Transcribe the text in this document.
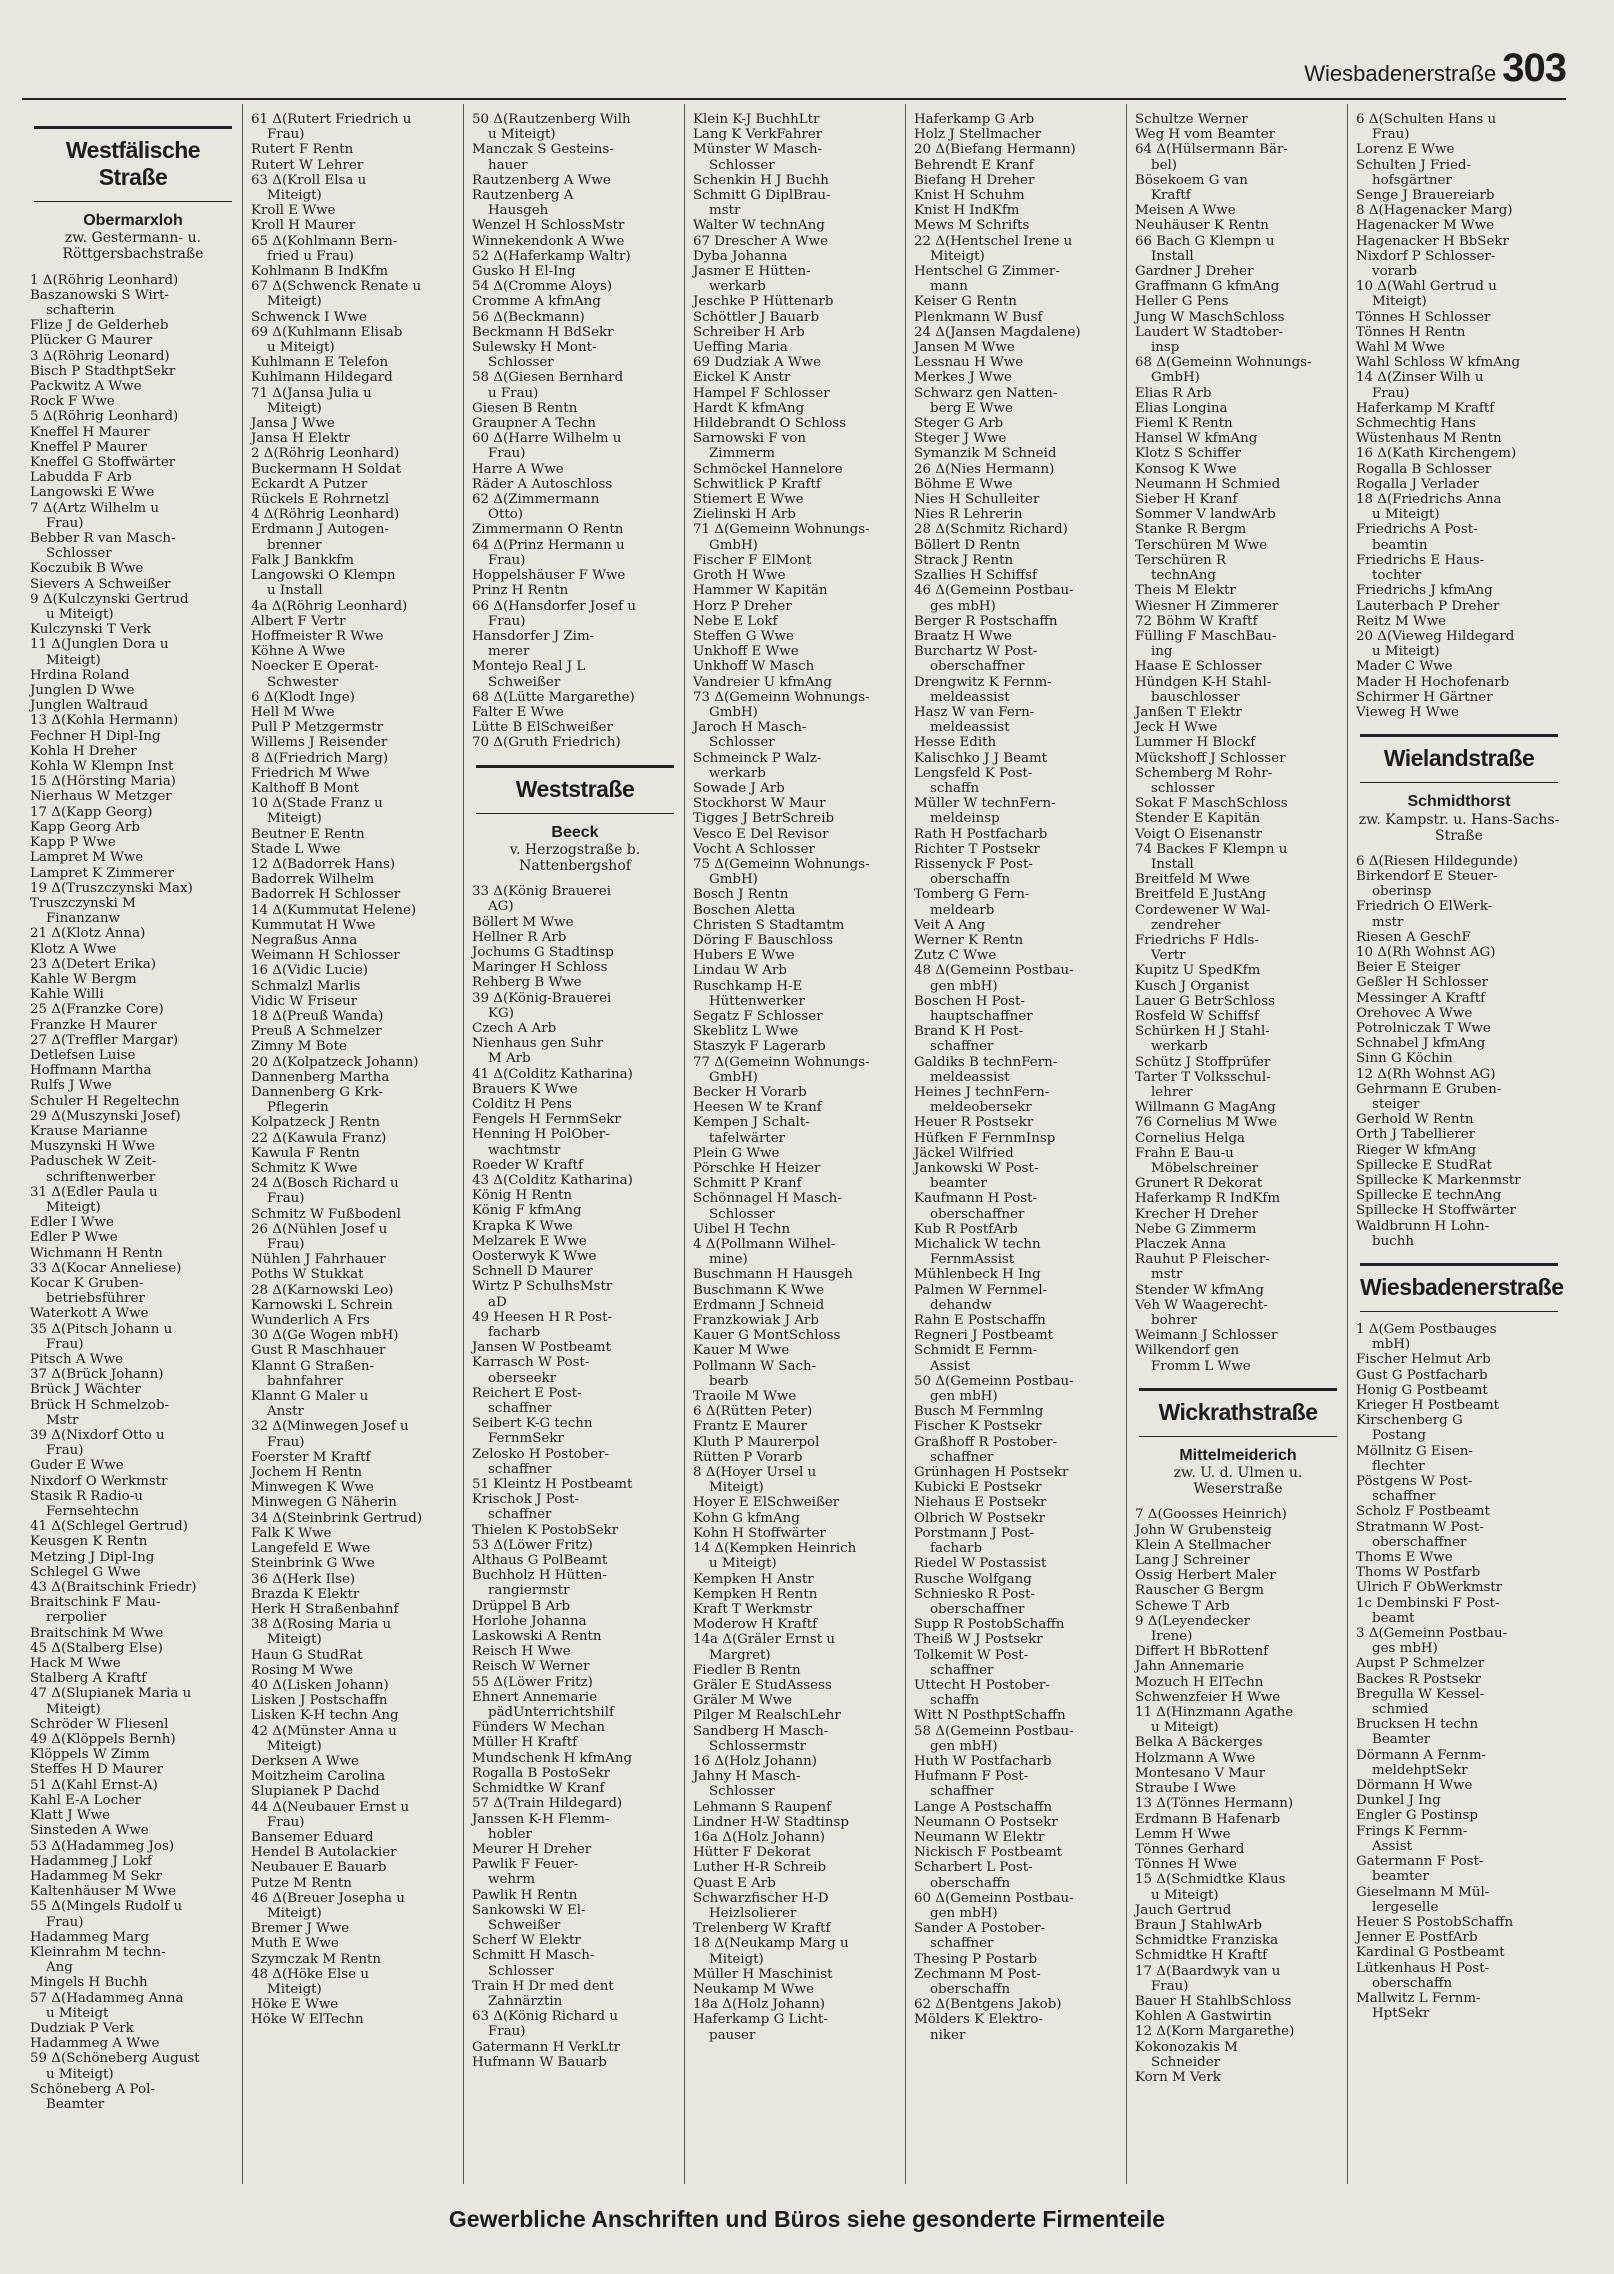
Wiesbadenerstraße 303
Westfälische Straße
Obermarxloh
zw. Gestermann- u. Röttgersbachstraße
1 Δ(Röhrig Leonhard)
Baszanowski S Wirt-
schafterin
Flize J de Gelderheb
Plücker G Maurer
3 Δ(Röhrig Leonard)
Bisch P StadthptSekr
Packwitz A Wwe
Rock F Wwe
5 Δ(Röhrig Leonhard)
Kneffel H Maurer
Kneffel P Maurer
Kneffel G Stoffwärter
Labudda F Arb
Langowski E Wwe
7 Δ(Artz Wilhelm u
Frau)
Bebber R van Masch-
Schlosser
Koczubik B Wwe
Sievers A Schweißer
9 Δ(Kulczynski Gertrud
u Miteigt)
Kulczynski T Verk
11 Δ(Junglen Dora u
Miteigt)
Hrdina Roland
Junglen D Wwe
Junglen Waltraud
13 Δ(Kohla Hermann)
Fechner H Dipl-Ing
Kohla H Dreher
Kohla W Klempn Inst
15 Δ(Hörsting Maria)
Nierhaus W Metzger
17 Δ(Kapp Georg)
Kapp Georg Arb
Kapp P Wwe
Lampret M Wwe
Lampret K Zimmerer
19 Δ(Truszczynski Max)
Truszczynski M
Finanzanw
21 Δ(Klotz Anna)
Klotz A Wwe
23 Δ(Detert Erika)
Kahle W Bergm
Kahle Willi
25 Δ(Franzke Core)
Franzke H Maurer
27 Δ(Treffler Margar)
Detlefsen Luise
Hoffmann Martha
Rulfs J Wwe
Schuler H Regeltechn
29 Δ(Muszynski Josef)
Krause Marianne
Muszynski H Wwe
Paduschek W Zeit-
schriftenwerber
31 Δ(Edler Paula u
Miteigt)
Edler I Wwe
Edler P Wwe
Wichmann H Rentn
33 Δ(Kocar Anneliese)
Kocar K Gruben-
betriebsführer
Waterkott A Wwe
35 Δ(Pitsch Johann u
Frau)
Pitsch A Wwe
37 Δ(Brück Johann)
Brück J Wächter
Brück H Schmelzob-
Mstr
39 Δ(Nixdorf Otto u
Frau)
Guder E Wwe
Nixdorf O Werkmstr
Stasik R Radio-u
Fernsehtechn
41 Δ(Schlegel Gertrud)
Keusgen K Rentn
Metzing J Dipl-Ing
Schlegel G Wwe
43 Δ(Braitschink Friedr)
Braitschink F Mau-
rerpolier
Braitschink M Wwe
45 Δ(Stalberg Else)
Hack M Wwe
Stalberg A Kraftf
47 Δ(Slupianek Maria u
Miteigt)
Schröder W Fliesenl
49 Δ(Klöppels Bernh)
Klöppels W Zimm
Steffes H D Maurer
51 Δ(Kahl Ernst-A)
Kahl E-A Locher
Klatt J Wwe
Sinsteden A Wwe
53 Δ(Hadammeg Jos)
Hadammeg J Lokf
Hadammeg M Sekr
Kaltenhäuser M Wwe
55 Δ(Mingels Rudolf u
Frau)
Hadammeg Marg
Kleinrahm M techn-
Ang
Mingels H Buchh
57 Δ(Hadammeg Anna
u Miteigt
Dudziak P Verk
Hadammeg A Wwe
59 Δ(Schöneberg August
u Miteigt)
Schöneberg A Pol-
Beamter
61 Δ(Rutert Friedrich u
Frau)
Rutert F Rentn
Rutert W Lehrer
63 Δ(Kroll Elsa u
Miteigt)
Kroll E Wwe
Kroll H Maurer
65 Δ(Kohlmann Bern-
fried u Frau)
Kohlmann B IndKfm
67 Δ(Schwenck Renate u
Miteigt)
Schwenck I Wwe
69 Δ(Kuhlmann Elisab
u Miteigt)
Kuhlmann E Telefon
Kuhlmann Hildegard
71 Δ(Jansa Julia u
Miteigt)
Jansa J Wwe
Jansa H Elektr
2 Δ(Röhrig Leonhard)
Buckermann H Soldat
Eckardt A Putzer
Rückels E Rohrnetzl
4 Δ(Röhrig Leonhard)
Erdmann J Autogen-
brenner
Falk J Bankkfm
Langowski O Klempn
u Install
4a Δ(Röhrig Leonhard)
Albert F Vertr
Hoffmeister R Wwe
Köhne A Wwe
Noecker E Operat-
Schwester
6 Δ(Klodt Inge)
Hell M Wwe
Pull P Metzgermstr
Willems J Reisender
8 Δ(Friedrich Marg)
Friedrich M Wwe
Kalthoff B Mont
10 Δ(Stade Franz u
Miteigt)
Beutner E Rentn
Stade L Wwe
12 Δ(Badorrek Hans)
Badorrek Wilhelm
Badorrek H Schlosser
14 Δ(Kummutat Helene)
Kummutat H Wwe
Negraßus Anna
Weimann H Schlosser
16 Δ(Vidic Lucie)
Schmalzl Marlis
Vidic W Friseur
18 Δ(Preuß Wanda)
Preuß A Schmelzer
Zimny M Bote
20 Δ(Kolpatzeck Johann)
Dannenberg Martha
Dannenberg G Krk-
Pflegerin
Kolpatzeck J Rentn
22 Δ(Kawula Franz)
Kawula F Rentn
Schmitz K Wwe
24 Δ(Bosch Richard u
Frau)
Schmitz W Fußbodenl
26 Δ(Nühlen Josef u
Frau)
Nühlen J Fahrhauer
Poths W Stukkat
28 Δ(Karnowski Leo)
Karnowski L Schrein
Wunderlich A Frs
30 Δ(Ge Wogen mbH)
Gust R Maschhauer
Klannt G Straßen-
bahnfahrer
Klannt G Maler u
Anstr
32 Δ(Minwegen Josef u
Frau)
Foerster M Kraftf
Jochem H Rentn
Minwegen K Wwe
Minwegen G Näherin
34 Δ(Steinbrink Gertrud)
Falk K Wwe
Langefeld E Wwe
Steinbrink G Wwe
36 Δ(Herk Ilse)
Brazda K Elektr
Herk H Straßenbahnf
38 Δ(Rosing Maria u
Miteigt)
Haun G StudRat
Rosing M Wwe
40 Δ(Lisken Johann)
Lisken J Postschaffn
Lisken K-H techn Ang
42 Δ(Münster Anna u
Miteigt)
Derksen A Wwe
Moitzheim Carolina
Slupianek P Dachd
44 Δ(Neubauer Ernst u
Frau)
Bansemer Eduard
Hendel B Autolackier
Neubauer E Bauarb
Putze M Rentn
46 Δ(Breuer Josepha u
Miteigt)
Bremer J Wwe
Muth E Wwe
Szymczak M Rentn
48 Δ(Höke Else u
Miteigt)
Höke E Wwe
Höke W ElTechn
50 Δ(Rautzenberg Wilh
u Miteigt)
Manczak S Gesteins-
hauer
Rautzenberg A Wwe
Rautzenberg A
Hausgeh
Wenzel H SchlossMstr
Winnekendonk A Wwe
52 Δ(Haferkamp Waltr)
Gusko H El-Ing
54 Δ(Cromme Aloys)
Cromme A kfmAng
56 Δ(Beckmann)
Beckmann H BdSekr
Sulewsky H Mont-
Schlosser
58 Δ(Giesen Bernhard
u Frau)
Giesen B Rentn
Graupner A Techn
60 Δ(Harre Wilhelm u
Frau)
Harre A Wwe
Räder A Autoschloss
62 Δ(Zimmermann
Otto)
Zimmermann O Rentn
64 Δ(Prinz Hermann u
Frau)
Hoppelshäuser F Wwe
Prinz H Rentn
66 Δ(Hansdorfer Josef u
Frau)
Hansdorfer J Zim-
merer
Montejo Real J L
Schweißer
68 Δ(Lütte Margarethe)
Falter E Wwe
Lütte B ElSchweißer
70 Δ(Gruth Friedrich)
Weststraße
Beeck
v. Herzogstraße b. Nattenbergshof
33 Δ(König Brauerei
AG)
Böllert M Wwe
Hellner R Arb
Jochums G Stadtinsp
Maringer H Schloss
Rehberg B Wwe
39 Δ(König-Brauerei
KG)
Czech A Arb
Nienhaus gen Suhr
M Arb
41 Δ(Colditz Katharina)
Brauers K Wwe
Colditz H Pens
Fengels H FernmSekr
Henning H PolOber-
wachtmstr
Roeder W Kraftf
43 Δ(Colditz Katharina)
König H Rentn
König F kfmAng
Krapka K Wwe
Melzarek E Wwe
Oosterwyk K Wwe
Schnell D Maurer
Wirtz P SchulhsMstr
aD
49 Heesen H R Post-
facharb
Jansen W Postbeamt
Karrasch W Post-
oberseekr
Reichert E Post-
schaffner
Seibert K-G techn
FernmSekr
Zelosko H Postober-
schaffner
51 Kleintz H Postbeamt
Krischok J Post-
schaffner
Thielen K PostobSekr
53 Δ(Löwer Fritz)
Althaus G PolBeamt
Buchholz H Hütten-
rangiermstr
Drüppel B Arb
Horlohe Johanna
Laskowski A Rentn
Reisch H Wwe
Reisch W Werner
55 Δ(Löwer Fritz)
Ehnert Annemarie
pädUnterrichtshilf
Fünders W Mechan
Müller H Kraftf
Mundschenk H kfmAng
Rogalla B PostoSekr
Schmidtke W Kranf
57 Δ(Train Hildegard)
Janssen K-H Flemm-
hobler
Meurer H Dreher
Pawlik F Feuer-
wehrm
Pawlik H Rentn
Sankowski W El-
Schweißer
Scherf W Elektr
Schmitt H Masch-
Schlosser
Train H Dr med dent
Zahnärztin
63 Δ(König Richard u
Frau)
Gatermann H VerkLtr
Hufmann W Bauarb
Klein K-J BuchhLtr
Lang K VerkFahrer
Münster W Masch-
Schlosser
Schenkin H J Buchh
Schmitt G DiplBrau-
mstr
Walter W technAng
67 Drescher A Wwe
Dyba Johanna
Jasmer E Hütten-
werkarb
Jeschke P Hüttenarb
Schöttler J Bauarb
Schreiber H Arb
Ueffing Maria
69 Dudziak A Wwe
Eickel K Anstr
Hampel F Schlosser
Hardt K kfmAng
Hildebrandt O Schloss
Sarnowski F von
Zimmerm
Schmöckel Hannelore
Schwitlick P Kraftf
Stiemert E Wwe
Zielinski H Arb
71 Δ(Gemeinn Wohnungs-
GmbH)
Fischer F ElMont
Groth H Wwe
Hammer W Kapitän
Horz P Dreher
Nebe E Lokf
Steffen G Wwe
Unkhoff E Wwe
Unkhoff W Masch
Vandreier U kfmAng
73 Δ(Gemeinn Wohnungs-
GmbH)
Jaroch H Masch-
Schlosser
Schmeinck P Walz-
werkarb
Sowade J Arb
Stockhorst W Maur
Tigges J BetrSchreib
Vesco E Del Revisor
Vocht A Schlosser
75 Δ(Gemeinn Wohnungs-
GmbH)
Bosch J Rentn
Boschen Aletta
Christen S Stadtamtm
Döring F Bauschloss
Hubers E Wwe
Lindau W Arb
Ruschkamp H-E
Hüttenwerker
Segatz F Schlosser
Skeblitz L Wwe
Staszyk F Lagerarb
77 Δ(Gemeinn Wohnungs-
GmbH)
Becker H Vorarb
Heesen W te Kranf
Kempen J Schalt-
tafelwärter
Plein G Wwe
Pörschke H Heizer
Schmitt P Kranf
Schönnagel H Masch-
Schlosser
Uibel H Techn
4 Δ(Pollmann Wilhel-
mine)
Buschmann H Hausgeh
Buschmann K Wwe
Erdmann J Schneid
Franzkowiak J Arb
Kauer G MontSchloss
Kauer M Wwe
Pollmann W Sach-
bearb
Traoile M Wwe
6 Δ(Rütten Peter)
Frantz E Maurer
Kluth P Maurerpol
Rütten P Vorarb
8 Δ(Hoyer Ursel u
Miteigt)
Hoyer E ElSchweißer
Kohn G kfmAng
Kohn H Stoffwärter
14 Δ(Kempken Heinrich
u Miteigt)
Kempken H Anstr
Kempken H Rentn
Kraft T Werkmstr
Moderow H Kraftf
14a Δ(Gräler Ernst u
Margret)
Fiedler B Rentn
Gräler E StudAssess
Gräler M Wwe
Pilger M RealschLehr
Sandberg H Masch-
Schlossermstr
16 Δ(Holz Johann)
Jahny H Masch-
Schlosser
Lehmann S Raupenf
Lindner H-W Stadtinsp
16a Δ(Holz Johann)
Hütter F Dekorat
Luther H-R Schreib
Quast E Arb
Schwarzfischer H-D
Heizlsolierer
Trelenberg W Kraftf
18 Δ(Neukamp Marg u
Miteigt)
Müller H Maschinist
Neukamp M Wwe
18a Δ(Holz Johann)
Haferkamp G Licht-
pauser
Haferkamp G Arb
Holz J Stellmacher
20 Δ(Biefang Hermann)
Behrendt E Kranf
Biefang H Dreher
Knist H Schuhm
Knist H IndKfm
Mews M Schrifts
22 Δ(Hentschel Irene u
Miteigt)
Hentschel G Zimmer-
mann
Keiser G Rentn
Plenkmann W Busf
24 Δ(Jansen Magdalene)
Jansen M Wwe
Lessnau H Wwe
Merkes J Wwe
Schwarz gen Natten-
berg E Wwe
Steger G Arb
Steger J Wwe
Symanzik M Schneid
26 Δ(Nies Hermann)
Böhme E Wwe
Nies H Schulleiter
Nies R Lehrerin
28 Δ(Schmitz Richard)
Böllert D Rentn
Strack J Rentn
Szallies H Schiffsf
46 Δ(Gemeinn Postbau-
ges mbH)
Berger R Postschaffn
Braatz H Wwe
Burchartz W Post-
oberschaffner
Drengwitz K Fernm-
meldeassist
Hasz W van Fern-
meldeassist
Hesse Edith
Kalischko J J Beamt
Lengsfeld K Post-
schaffn
Müller W technFern-
meldeinsp
Rath H Postfacharb
Richter T Postsekr
Rissenyck F Post-
oberschaffn
Tomberg G Fern-
meldearb
Veit A Ang
Werner K Rentn
Zutz C Wwe
48 Δ(Gemeinn Postbau-
gen mbH)
Boschen H Post-
hauptschaffner
Brand K H Post-
schaffner
Galdiks B technFern-
meldeassist
Heines J technFern-
meldeobersekr
Heuer R Postsekr
Hüfken F FernmInsp
Jäckel Wilfried
Jankowski W Post-
beamter
Kaufmann H Post-
oberschaffner
Kub R PostfArb
Michalick W techn
FernmAssist
Mühlenbeck H Ing
Palmen W Fernmel-
dehandw
Rahn E Postschaffn
Regneri J Postbeamt
Schmidt E Fernm-
Assist
50 Δ(Gemeinn Postbau-
gen mbH)
Busch M Fernmlng
Fischer K Postsekr
Graßhoff R Postober-
schaffner
Grünhagen H Postsekr
Kubicki E Postsekr
Niehaus E Postsekr
Olbrich W Postsekr
Porstmann J Post-
facharb
Riedel W Postassist
Rusche Wolfgang
Schniesko R Post-
oberschaffner
Supp R PostobSchaffn
Theiß W J Postsekr
Tolkemit W Post-
schaffner
Uttecht H Postober-
schaffn
Witt N PosthptSchaffn
58 Δ(Gemeinn Postbau-
gen mbH)
Huth W Postfacharb
Hufmann F Post-
schaffner
Lange A Postschaffn
Neumann O Postsekr
Neumann W Elektr
Nickisch F Postbeamt
Scharbert L Post-
oberschaffn
60 Δ(Gemeinn Postbau-
gen mbH)
Sander A Postober-
schaffner
Thesing P Postarb
Zechmann M Post-
oberschaffn
62 Δ(Bentgens Jakob)
Mölders K Elektro-
niker
Schultze Werner
Weg H vom Beamter
64 Δ(Hülsermann Bär-
bel)
Bösekoem G van
Kraftf
Meisen A Wwe
Neuhäuser K Rentn
66 Bach G Klempn u
Install
Gardner J Dreher
Graffmann G kfmAng
Heller G Pens
Jung W MaschSchloss
Laudert W Stadtober-
insp
68 Δ(Gemeinn Wohnungs-
GmbH)
Elias R Arb
Elias Longina
Fieml K Rentn
Hansel W kfmAng
Klotz S Schiffer
Konsog K Wwe
Neumann H Schmied
Sieber H Kranf
Sommer V landwArb
Stanke R Bergm
Terschüren M Wwe
Terschüren R
technAng
Theis M Elektr
Wiesner H Zimmerer
72 Böhm W Kraftf
Fülling F MaschBau-
ing
Haase E Schlosser
Hündgen K-H Stahl-
bauschlosser
Janßen T Elektr
Jeck H Wwe
Lummer H Blockf
Mückshoff J Schlosser
Schemberg M Rohr-
schlosser
Sokat F MaschSchloss
Stender E Kapitän
Voigt O Eisenanstr
74 Backes F Klempn u
Install
Breitfeld M Wwe
Breitfeld E JustAng
Cordewener W Wal-
zendreher
Friedrichs F Hdls-
Vertr
Kupitz U SpedKfm
Kusch J Organist
Lauer G BetrSchloss
Rosfeld W Schiffsf
Schürken H J Stahl-
werkarb
Schütz J Stoffprüfer
Tarter T Volksschul-
lehrer
Willmann G MagAng
76 Cornelius M Wwe
Cornelius Helga
Frahn E Bau-u
Möbelschreiner
Grunert R Dekorat
Haferkamp R IndKfm
Krecher H Dreher
Nebe G Zimmerm
Placzek Anna
Rauhut P Fleischer-
mstr
Stender W kfmAng
Veh W Waagerecht-
bohrer
Weimann J Schlosser
Wilkendorf gen
Fromm L Wwe
Wickrathstraße
Mittelmeiderich
zw. U. d. Ulmen u. Weserstraße
7 Δ(Goosses Heinrich)
John W Grubensteig
Klein A Stellmacher
Lang J Schreiner
Ossig Herbert Maler
Rauscher G Bergm
Schewe T Arb
9 Δ(Leyendecker
Irene)
Differt H BbRottenf
Jahn Annemarie
Mozuch H ElTechn
Schwenzfeier H Wwe
11 Δ(Hinzmann Agathe
u Miteigt)
Belka A Bäckerges
Holzmann A Wwe
Montesano V Maur
Straube I Wwe
13 Δ(Tönnes Hermann)
Erdmann B Hafenarb
Lemm H Wwe
Tönnes Gerhard
Tönnes H Wwe
15 Δ(Schmidtke Klaus
u Miteigt)
Jauch Gertrud
Braun J StahlwArb
Schmidtke Franziska
Schmidtke H Kraftf
17 Δ(Baardwyk van u
Frau)
Bauer H StahlbSchloss
Kohlen A Gastwirtin
12 Δ(Korn Margarethe)
Kokonozakis M
Schneider
Korn M Verk
6 Δ(Schulten Hans u
Frau)
Lorenz E Wwe
Schulten J Fried-
hofsgärtner
Senge J Brauereiarb
8 Δ(Hagenacker Marg)
Hagenacker M Wwe
Hagenacker H BbSekr
Nixdorf P Schlosser-
vorarb
10 Δ(Wahl Gertrud u
Miteigt)
Tönnes H Schlosser
Tönnes H Rentn
Wahl M Wwe
Wahl Schloss W kfmAng
14 Δ(Zinser Wilh u
Frau)
Haferkamp M Kraftf
Schmechtig Hans
Wüstenhaus M Rentn
16 Δ(Kath Kirchengem)
Rogalla B Schlosser
Rogalla J Verlader
18 Δ(Friedrichs Anna
u Miteigt)
Friedrichs A Post-
beamtin
Friedrichs E Haus-
tochter
Friedrichs J kfmAng
Lauterbach P Dreher
Reitz M Wwe
20 Δ(Vieweg Hildegard
u Miteigt)
Mader C Wwe
Mader H Hochofenarb
Schirmer H Gärtner
Vieweg H Wwe
Wielandstraße
Schmidthorst
zw. Kampstr. u. Hans-Sachs-Straße
6 Δ(Riesen Hildegunde)
Birkendorf E Steuer-
oberinsp
Friedrich O ElWerk-
mstr
Riesen A GeschF
10 Δ(Rh Wohnst AG)
Beier E Steiger
Geßler H Schlosser
Messinger A Kraftf
Orehovec A Wwe
Potrolniczak T Wwe
Schnabel J kfmAng
Sinn G Köchin
12 Δ(Rh Wohnst AG)
Gehrmann E Gruben-
steiger
Gerhold W Rentn
Orth J Tabellierer
Rieger W kfmAng
Spillecke E StudRat
Spillecke K Markenmstr
Spillecke E technAng
Spillecke H Stoffwärter
Waldbrunn H Lohn-
buchh
Wiesbadenerstraße
1 Δ(Gem Postbauges
mbH)
Fischer Helmut Arb
Gust G Postfacharb
Honig G Postbeamt
Krieger H Postbeamt
Kirschenberg G
Postang
Möllnitz G Eisen-
flechter
Pöstgens W Post-
schaffner
Scholz F Postbeamt
Stratmann W Post-
oberschaffner
Thoms E Wwe
Thoms W Postfarb
Ulrich F ObWerkmstr
1c Dembinski F Post-
beamt
3 Δ(Gemeinn Postbau-
ges mbH)
Aupst P Schmelzer
Backes R Postsekr
Bregulla W Kessel-
schmied
Brucksen H techn
Beamter
Dörmann A Fernm-
meldehptSekr
Dörmann H Wwe
Dunkel J Ing
Engler G Postinsp
Frings K Fernm-
Assist
Gatermann F Post-
beamter
Gieselmann M Mül-
lergeselle
Heuer S PostobSchaffn
Jenner E PostfArb
Kardinal G Postbeamt
Lütkenhaus H Post-
oberschaffn
Mallwitz L Fernm-
HptSekr
Gewerbliche Anschriften und Büros siehe gesonderte Firmenteile
